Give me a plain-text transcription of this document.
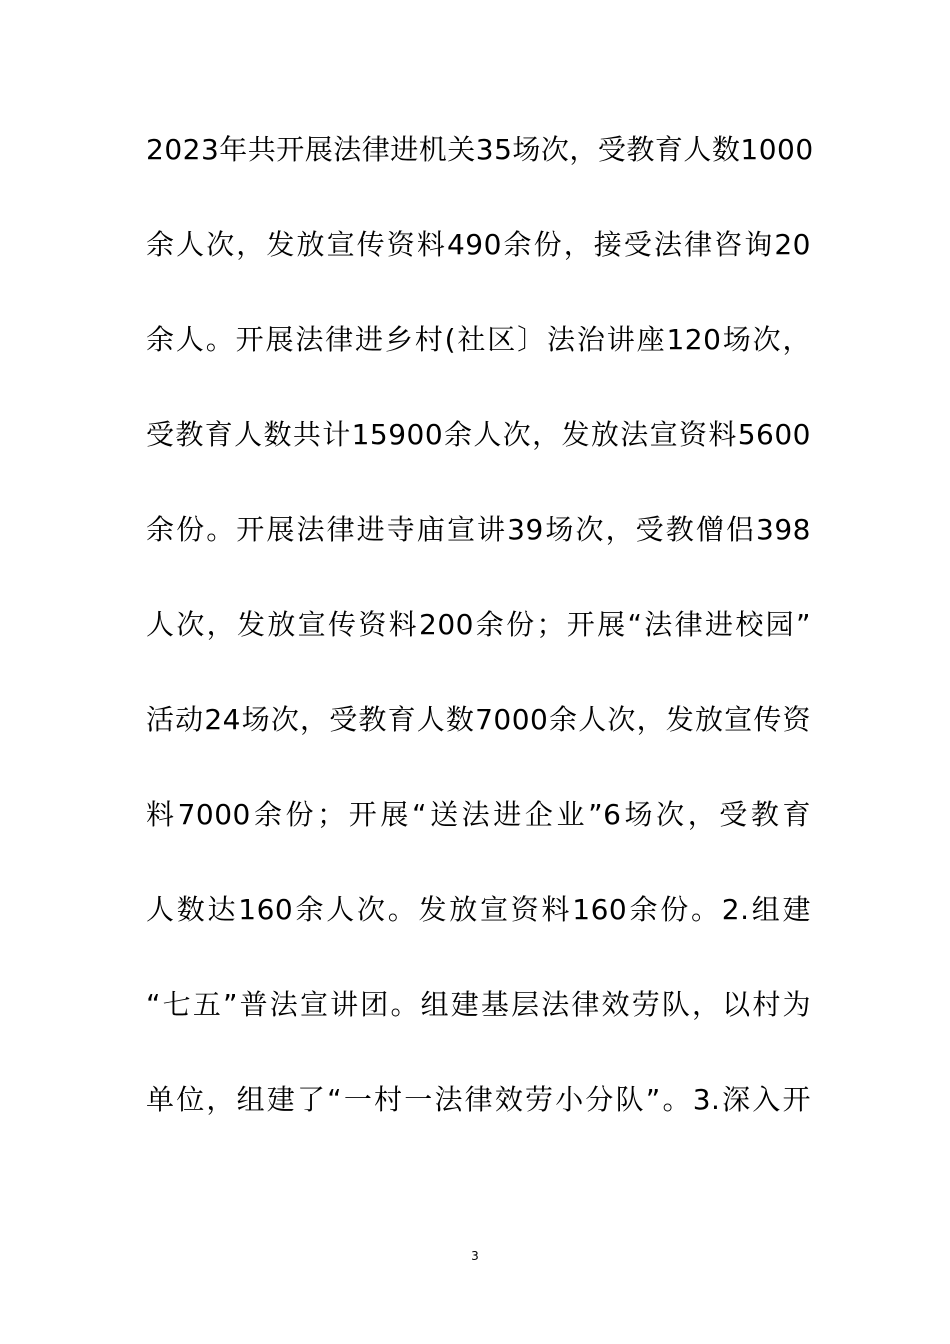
2023年共开展法律进机关35场次，受教育人数1000
余人次，发放宣传资料490余份，接受法律咨询20
余人。开展法律进乡村(社区〕法治讲座120场次，
受教育人数共计15900余人次，发放法宣资料5600
余份。开展法律进寺庙宣讲39场次，受教僧侣398
人次，发放宣传资料200余份；开展“法律进校园”
活动24场次，受教育人数7000余人次，发放宣传资
料7000余份；开展“送法进企业”6场次，受教育
人数达160余人次。发放宣资料160余份。2.组建
“七五”普法宣讲团。组建基层法律效劳队，以村为
单位，组建了“一村一法律效劳小分队”。3.深入开
3
